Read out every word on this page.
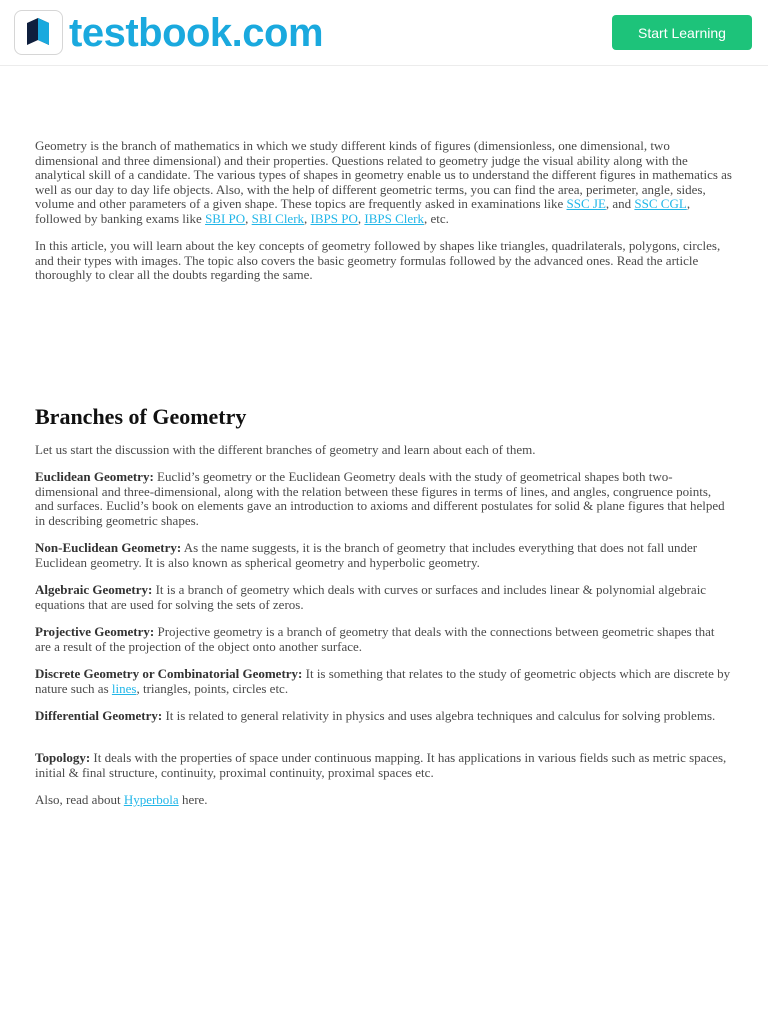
testbook.com	Start Learning

Geometry is the branch of mathematics in which we study different kinds of figures (dimensionless, one dimensional, two dimensional and three dimensional) and their properties. Questions related to geometry judge the visual ability along with the analytical skill of a candidate. The various types of shapes in geometry enable us to understand the different figures in mathematics as well as our day to day life objects. Also, with the help of different geometric terms, you can find the area, perimeter, angle, sides, volume and other parameters of a given shape. These topics are frequently asked in examinations like SSC JE, and SSC CGL, followed by banking exams like SBI PO, SBI Clerk, IBPS PO, IBPS Clerk, etc.

In this article, you will learn about the key concepts of geometry followed by shapes like triangles, quadrilaterals, polygons, circles, and their types with images. The topic also covers the basic geometry formulas followed by the advanced ones. Read the article thoroughly to clear all the doubts regarding the same.

Branches of Geometry

Let us start the discussion with the different branches of geometry and learn about each of them.

Euclidean Geometry: Euclid’s geometry or the Euclidean Geometry deals with the study of geometrical shapes both two-dimensional and three-dimensional, along with the relation between these figures in terms of lines, and angles, congruence points, and surfaces. Euclid’s book on elements gave an introduction to axioms and different postulates for solid & plane figures that helped in describing geometric shapes.

Non-Euclidean Geometry: As the name suggests, it is the branch of geometry that includes everything that does not fall under Euclidean geometry. It is also known as spherical geometry and hyperbolic geometry.

Algebraic Geometry: It is a branch of geometry which deals with curves or surfaces and includes linear & polynomial algebraic equations that are used for solving the sets of zeros.

Projective Geometry: Projective geometry is a branch of geometry that deals with the connections between geometric shapes that are a result of the projection of the object onto another surface.

Discrete Geometry or Combinatorial Geometry: It is something that relates to the study of geometric objects which are discrete by nature such as lines, triangles, points, circles etc.

Differential Geometry: It is related to general relativity in physics and uses algebra techniques and calculus for solving problems.

Topology: It deals with the properties of space under continuous mapping. It has applications in various fields such as metric spaces, initial & final structure, continuity, proximal continuity, proximal spaces etc.

Also, read about Hyperbola here.
